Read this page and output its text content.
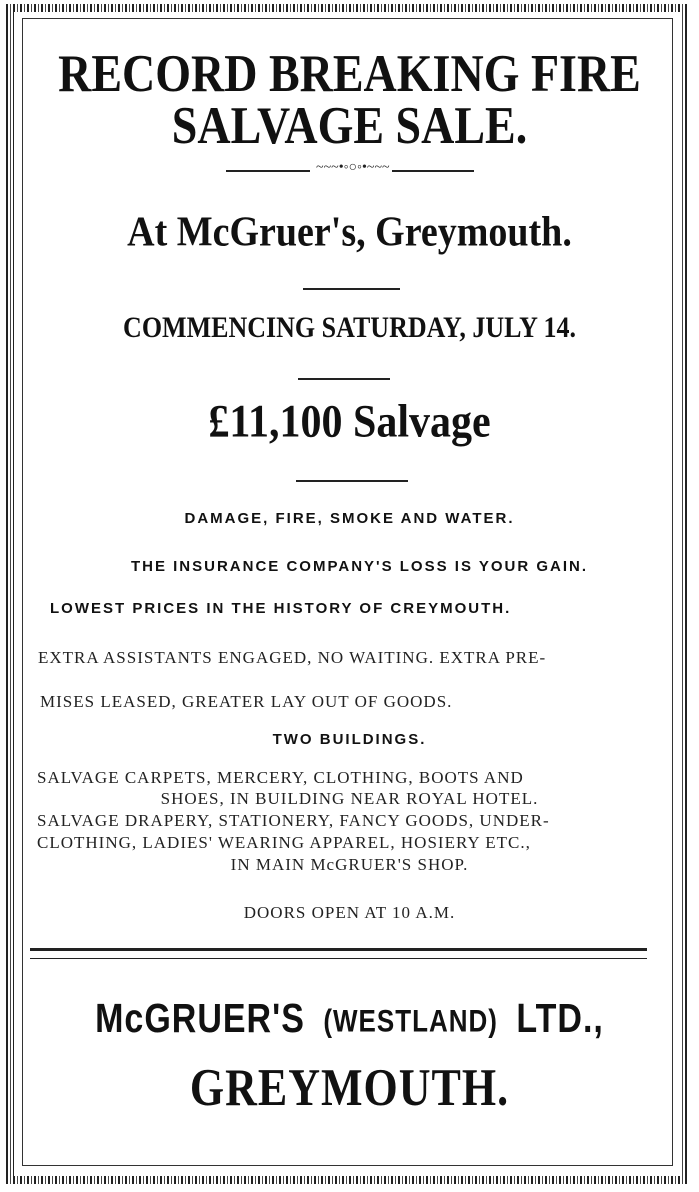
RECORD BREAKING FIRE
SALVAGE SALE.
~~~•◦○◦•~~~
At McGruer's, Greymouth.
COMMENCING SATURDAY, JULY 14.
£11,100 Salvage
DAMAGE, FIRE, SMOKE AND WATER.
THE INSURANCE COMPANY'S LOSS IS YOUR GAIN.
LOWEST PRICES IN THE HISTORY OF CREYMOUTH.
EXTRA ASSISTANTS ENGAGED, NO WAITING. EXTRA PRE-
MISES LEASED, GREATER LAY OUT OF GOODS.
TWO BUILDINGS.
SALVAGE CARPETS, MERCERY, CLOTHING, BOOTS AND
SHOES, IN BUILDING NEAR ROYAL HOTEL.
SALVAGE DRAPERY, STATIONERY, FANCY GOODS, UNDER-
CLOTHING, LADIES' WEARING APPAREL, HOSIERY ETC.,
IN MAIN McGRUER'S SHOP.
DOORS OPEN AT 10 A.M.
McGRUER'S (WESTLAND) LTD.,
GREYMOUTH.
